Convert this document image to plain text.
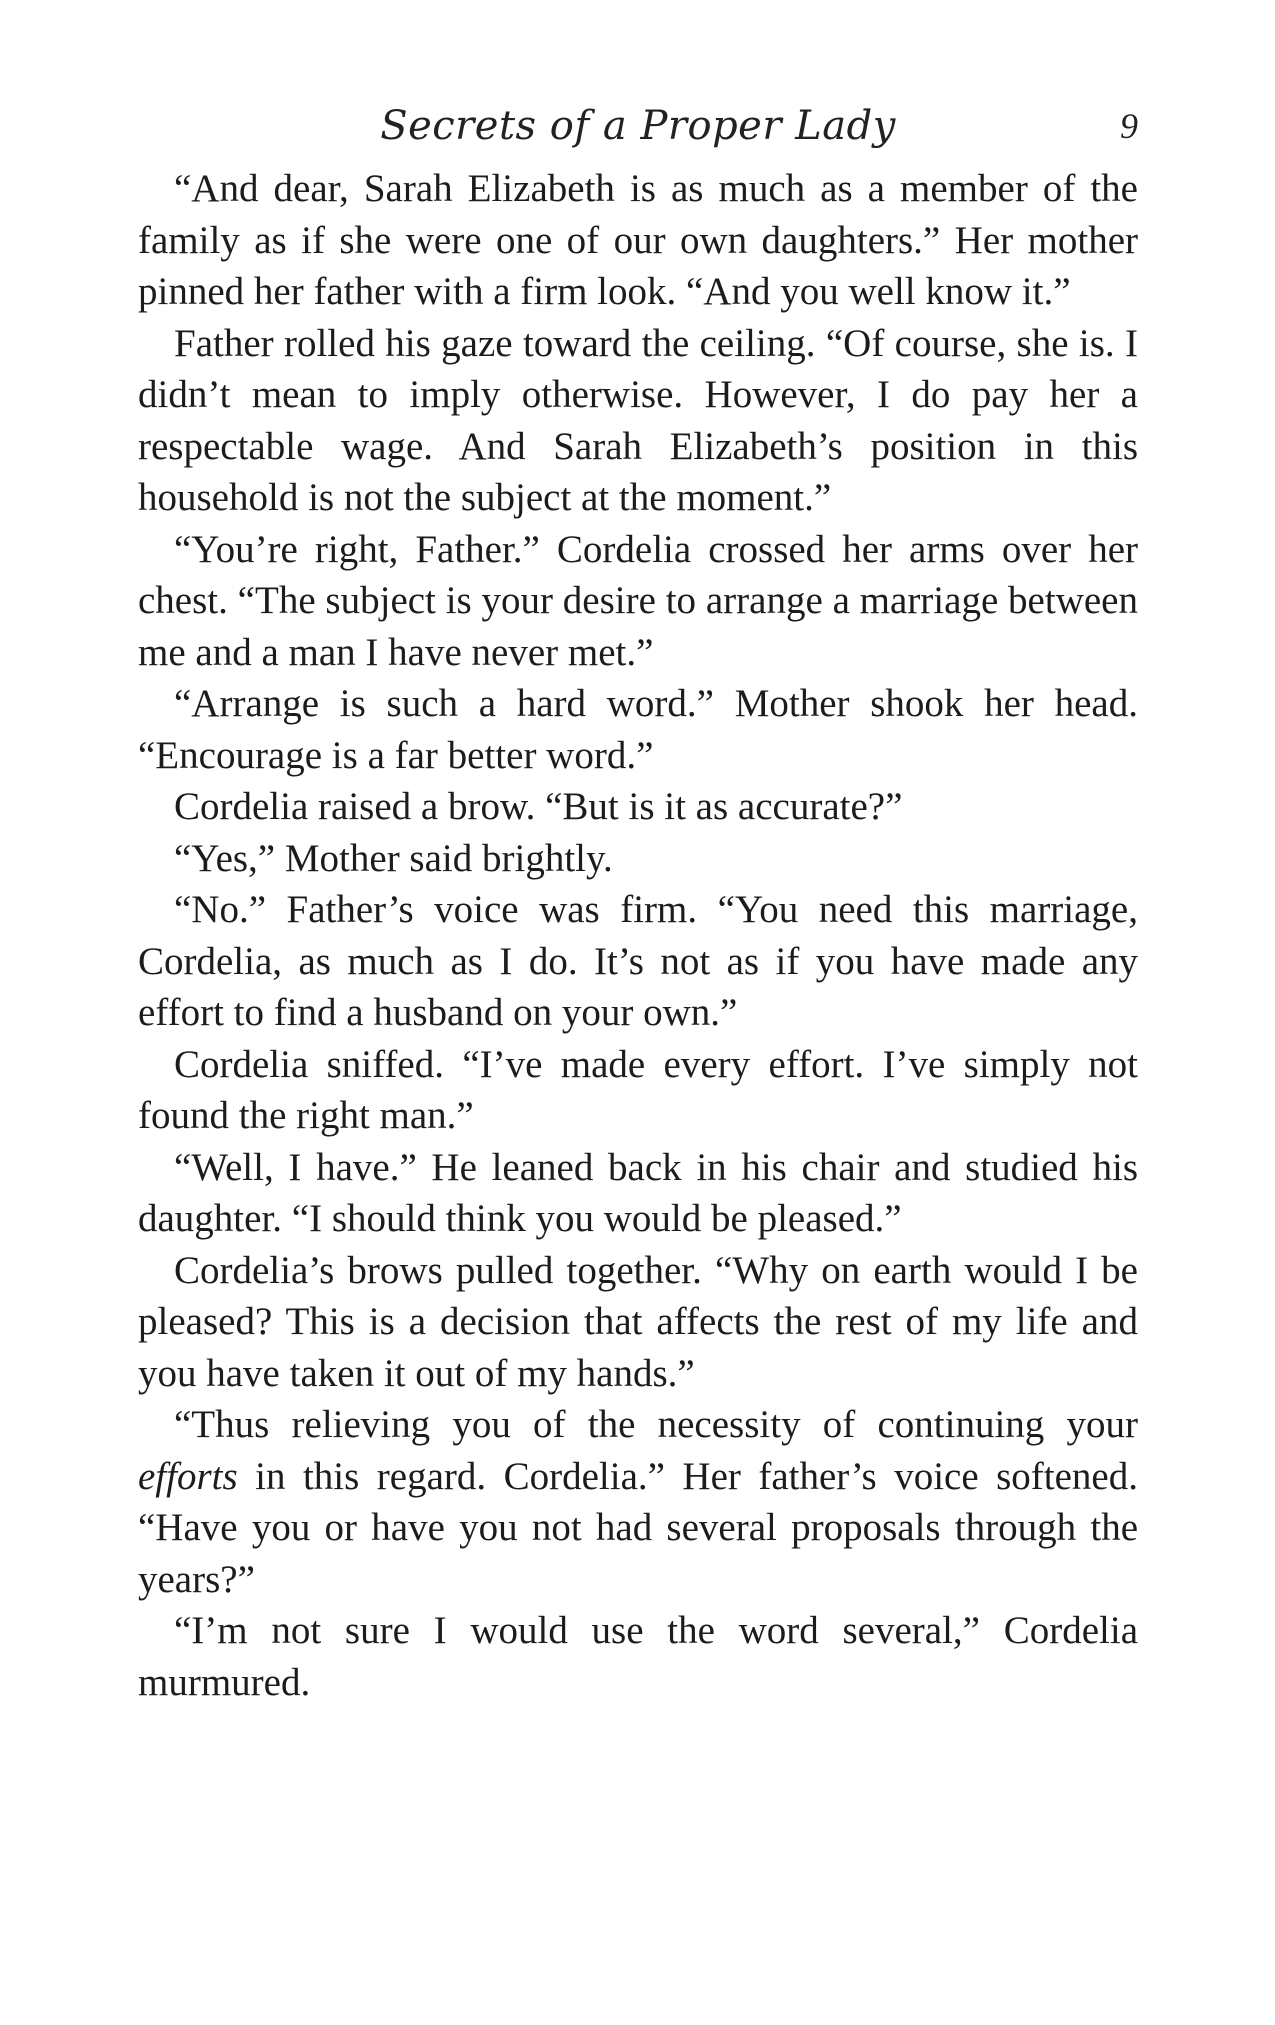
Secrets of a Proper Lady	9

“And dear, Sarah Elizabeth is as much as a member of the family as if she were one of our own daughters.” Her mother pinned her father with a firm look. “And you well know it.”

Father rolled his gaze toward the ceiling. “Of course, she is. I didn’t mean to imply otherwise. However, I do pay her a respectable wage. And Sarah Elizabeth’s position in this household is not the subject at the moment.”

“You’re right, Father.” Cordelia crossed her arms over her chest. “The subject is your desire to arrange a marriage between me and a man I have never met.”

“Arrange is such a hard word.” Mother shook her head. “Encourage is a far better word.”

Cordelia raised a brow. “But is it as accurate?”

“Yes,” Mother said brightly.

“No.” Father’s voice was firm. “You need this marriage, Cordelia, as much as I do. It’s not as if you have made any effort to find a husband on your own.”

Cordelia sniffed. “I’ve made every effort. I’ve simply not found the right man.”

“Well, I have.” He leaned back in his chair and studied his daughter. “I should think you would be pleased.”

Cordelia’s brows pulled together. “Why on earth would I be pleased? This is a decision that affects the rest of my life and you have taken it out of my hands.”

“Thus relieving you of the necessity of continuing your efforts in this regard. Cordelia.” Her father’s voice softened. “Have you or have you not had several proposals through the years?”

“I’m not sure I would use the word several,” Cordelia murmured.
